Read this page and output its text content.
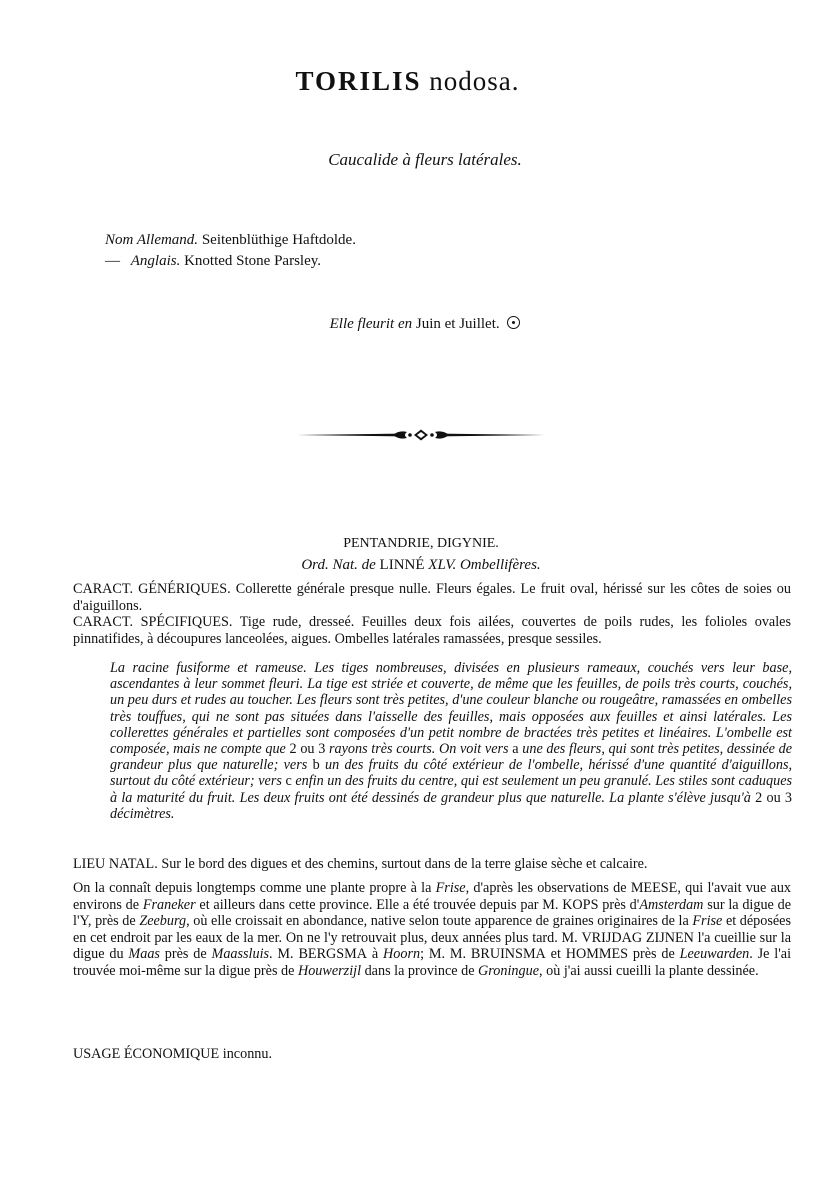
TORILIS nodosa.
Caucalide à fleurs latérales.
Nom Allemand. Seitenblüthige Haftdolde.
— Anglais. Knotted Stone Parsley.
Elle fleurit en Juin et Juillet.
PENTANDRIE, DIGYNIE.
Ord. Nat. de LINNÉ XLV. Ombellifères.
CARACT. GÉNÉRIQUES. Collerette générale presque nulle. Fleurs égales. Le fruit oval, hérissé sur les côtes de soies ou d'aiguillons.
CARACT. SPÉCIFIQUES. Tige rude, dresseé. Feuilles deux fois ailées, couvertes de poils rudes, les folioles ovales pinnatifides, à découpures lanceolées, aigues. Ombelles latérales ramassées, presque sessiles.
La racine fusiforme et rameuse. Les tiges nombreuses, divisées en plusieurs rameaux, couchés vers leur base, ascendantes à leur sommet fleuri. La tige est striée et couverte, de même que les feuilles, de poils très courts, couchés, un peu durs et rudes au toucher. Les fleurs sont très petites, d'une couleur blanche ou rougeâtre, ramassées en ombelles très touffues, qui ne sont pas situées dans l'aisselle des feuilles, mais opposées aux feuilles et ainsi latérales. Les collerettes générales et partielles sont composées d'un petit nombre de bractées très petites et linéaires. L'ombelle est composée, mais ne compte que 2 ou 3 rayons très courts. On voit vers a une des fleurs, qui sont très petites, dessinée de grandeur plus que naturelle; vers b un des fruits du côté extérieur de l'ombelle, hérissé d'une quantité d'aiguillons, surtout du côté extérieur; vers c enfin un des fruits du centre, qui est seulement un peu granulé. Les stiles sont caduques à la maturité du fruit. Les deux fruits ont été dessinés de grandeur plus que naturelle. La plante s'élève jusqu'à 2 ou 3 décimètres.
LIEU NATAL. Sur le bord des digues et des chemins, surtout dans de la terre glaise sèche et calcaire.
On la connaît depuis longtemps comme une plante propre à la Frise, d'après les observations de MEESE, qui l'avait vue aux environs de Franeker et ailleurs dans cette province. Elle a été trouvée depuis par M. KOPS près d'Amsterdam sur la digue de l'Y, près de Zeeburg, où elle croissait en abondance, native selon toute apparence de graines originaires de la Frise et déposées en cet endroit par les eaux de la mer. On ne l'y retrouvait plus, deux années plus tard. M. VRIJDAG ZIJNEN l'a cueillie sur la digue du Maas près de Maassluis. M. BERGSMA à Hoorn; M. M. BRUINSMA et HOMMES près de Leeuwarden. Je l'ai trouvée moi-même sur la digue près de Houwerzijl dans la province de Groningue, où j'ai aussi cueilli la plante dessinée.
USAGE ÉCONOMIQUE inconnu.
